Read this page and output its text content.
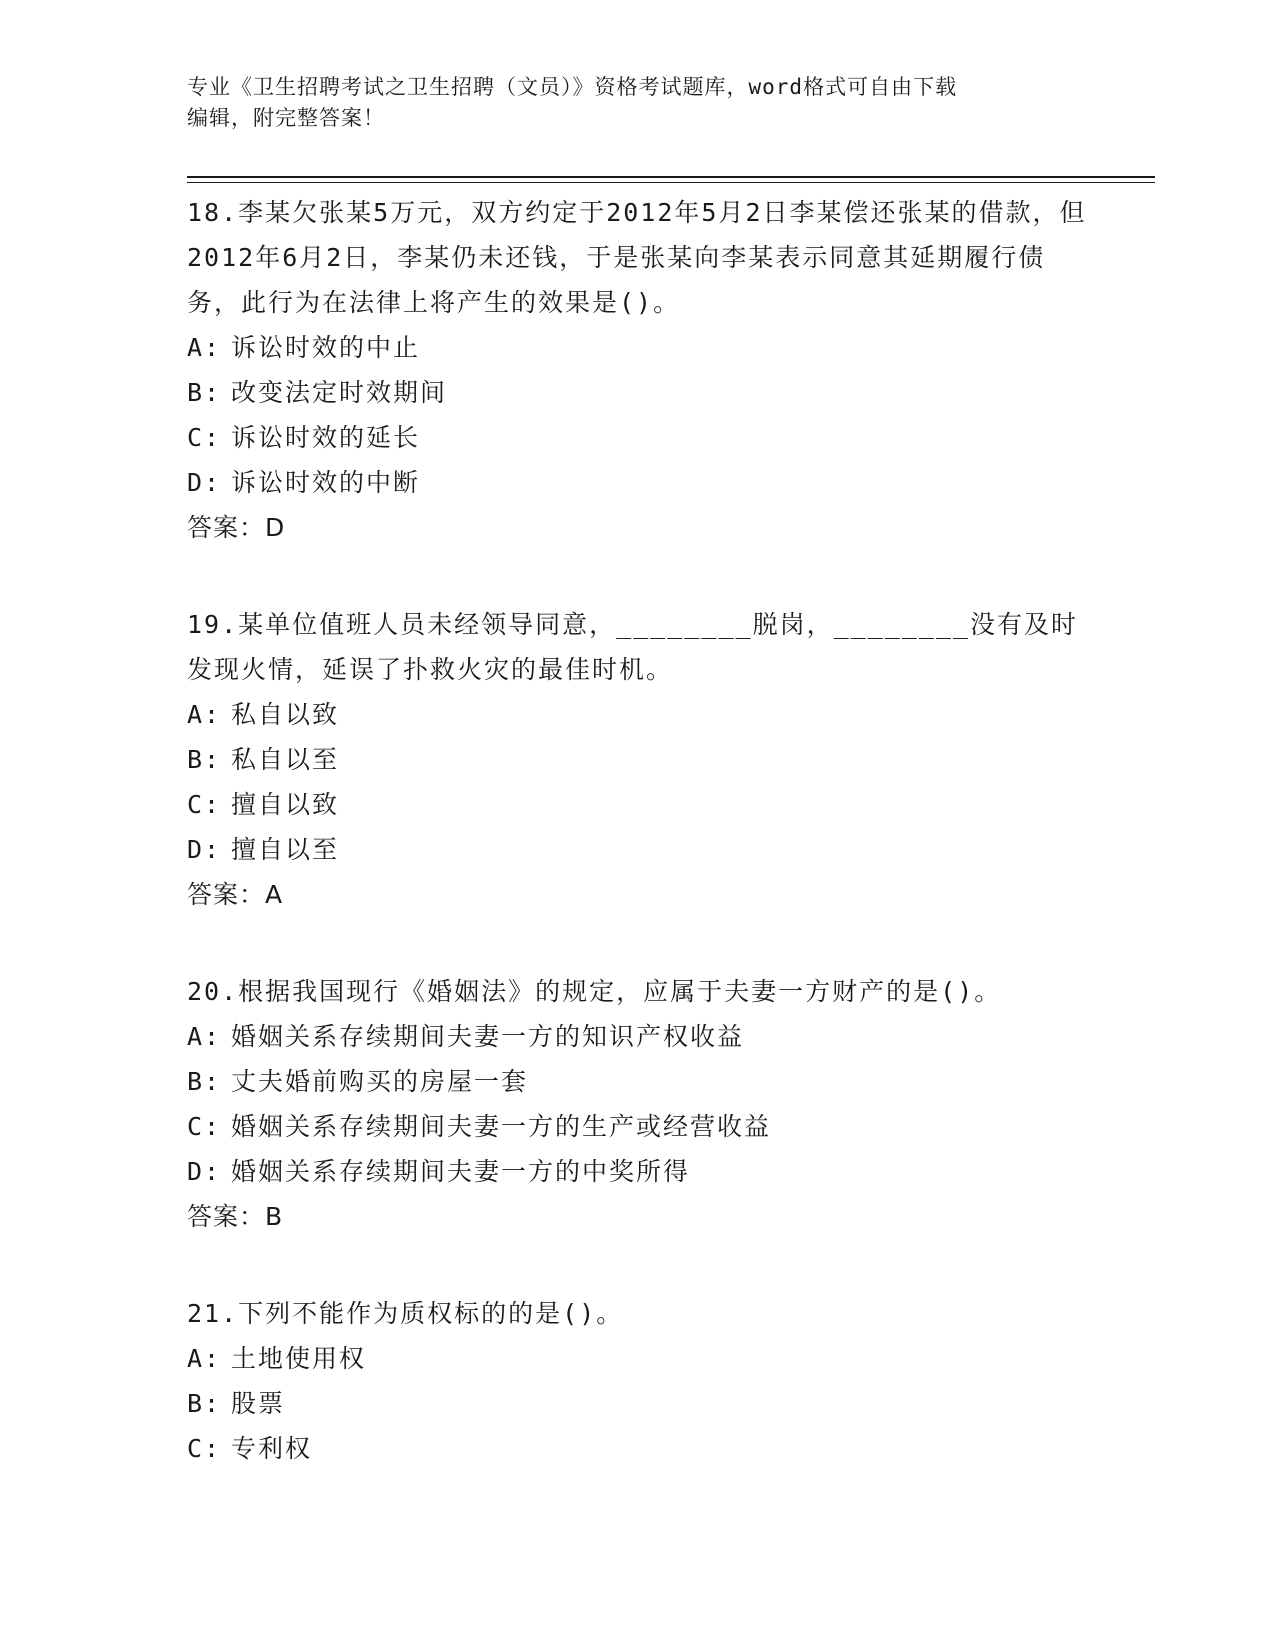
专业《卫生招聘考试之卫生招聘（文员）》资格考试题库，word格式可自由下载
编辑，附完整答案！

18.李某欠张某5万元，双方约定于2012年5月2日李某偿还张某的借款，但2012年6月2日，李某仍未还钱，于是张某向李某表示同意其延期履行债务，此行为在法律上将产生的效果是()。

A: 诉讼时效的中止

B: 改变法定时效期间

C: 诉讼时效的延长

D: 诉讼时效的中断

答案：D

19.某单位值班人员未经领导同意，________脱岗，________没有及时发现火情，延误了扑救火灾的最佳时机。

A: 私自以致

B: 私自以至

C: 擅自以致

D: 擅自以至

答案：A

20.根据我国现行《婚姻法》的规定，应属于夫妻一方财产的是()。

A: 婚姻关系存续期间夫妻一方的知识产权收益

B: 丈夫婚前购买的房屋一套

C: 婚姻关系存续期间夫妻一方的生产或经营收益

D: 婚姻关系存续期间夫妻一方的中奖所得

答案：B

21.下列不能作为质权标的的是()。

A: 土地使用权

B: 股票

C: 专利权
